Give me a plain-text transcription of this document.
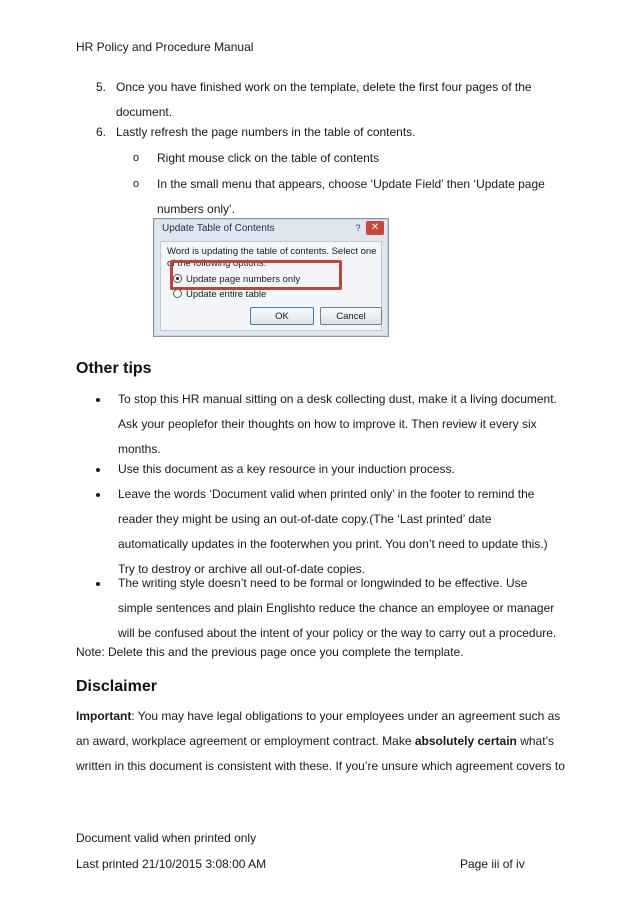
HR Policy and Procedure Manual
5. Once you have finished work on the template, delete the first four pages of the document.
6. Lastly refresh the page numbers in the table of contents.
o Right mouse click on the table of contents
o In the small menu that appears, choose ‘Update Field’ then ‘Update page numbers only’.
Update Table of Contents	?	✕
Word is updating the table of contents. Select one of the following options:
Update page numbers only
Update entire table
OK	Cancel
Other tips
To stop this HR manual sitting on a desk collecting dust, make it a living document. Ask your peoplefor their thoughts on how to improve it. Then review it every six months.
Use this document as a key resource in your induction process.
Leave the words ‘Document valid when printed only’ in the footer to remind the reader they might be using an out-of-date copy.(The ‘Last printed’ date automatically updates in the footerwhen you print. You don’t need to update this.) Try to destroy or archive all out-of-date copies.
The writing style doesn’t need to be formal or longwinded to be effective. Use simple sentences and plain Englishto reduce the chance an employee or manager will be confused about the intent of your policy or the way to carry out a procedure.
Note: Delete this and the previous page once you complete the template.
Disclaimer
Important: You may have legal obligations to your employees under an agreement such as an award, workplace agreement or employment contract. Make absolutely certain what’s written in this document is consistent with these. If you’re unsure which agreement covers to
Document valid when printed only
Last printed 21/10/2015 3:08:00 AM	Page iii of iv
